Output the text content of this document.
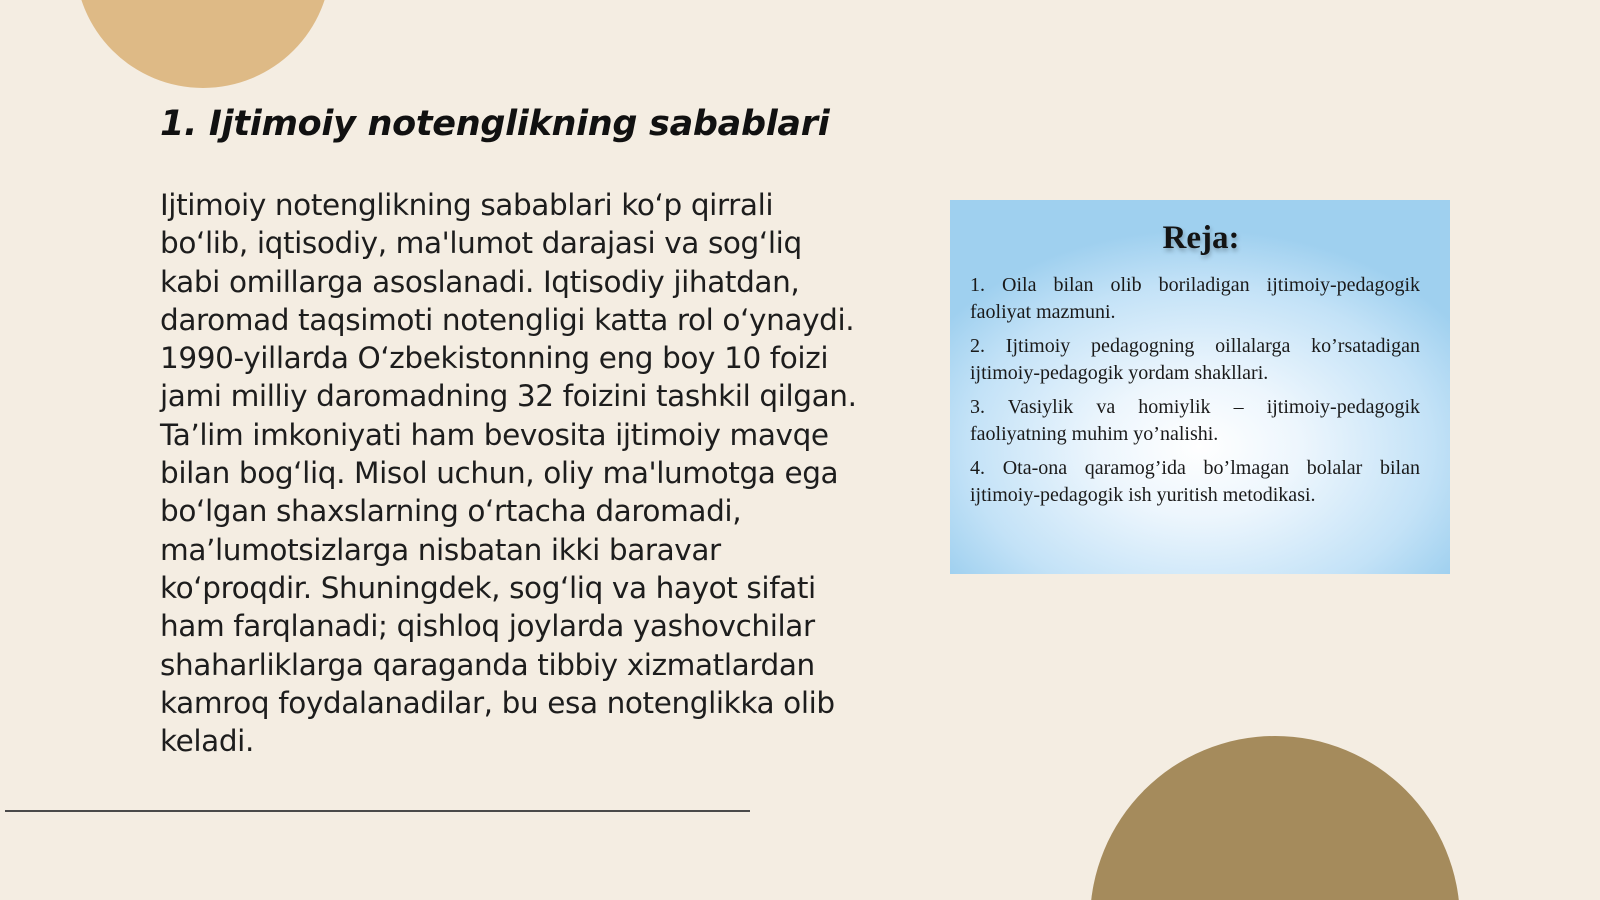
1. Ijtimoiy notenglikning sabablari

Ijtimoiy notenglikning sabablari koʻp qirrali boʻlib, iqtisodiy, ma'lumot darajasi va sogʻliq kabi omillarga asoslanadi. Iqtisodiy jihatdan, daromad taqsimoti notengligi katta rol oʻynaydi. 1990-yillarda Oʻzbekistonning eng boy 10 foizi jami milliy daromadning 32 foizini tashkil qilgan. Taʼlim imkoniyati ham bevosita ijtimoiy mavqe bilan bogʻliq. Misol uchun, oliy ma'lumotga ega boʻlgan shaxslarning oʻrtacha daromadi, maʼlumotsizlarga nisbatan ikki baravar koʻproqdir. Shuningdek, sogʻliq va hayot sifati ham farqlanadi; qishloq joylarda yashovchilar shaharliklarga qaraganda tibbiy xizmatlardan kamroq foydalanadilar, bu esa notenglikka olib keladi.

Reja:
1. Oila bilan olib boriladigan ijtimoiy-pedagogik faoliyat mazmuni.
2. Ijtimoiy pedagogning oillalarga ko’rsatadigan ijtimoiy-pedagogik yordam shakllari.
3. Vasiylik va homiylik – ijtimoiy-pedagogik faoliyatning muhim yo’nalishi.
4. Ota-ona qaramog’ida bo’lmagan bolalar bilan ijtimoiy-pedagogik ish yuritish metodikasi.
